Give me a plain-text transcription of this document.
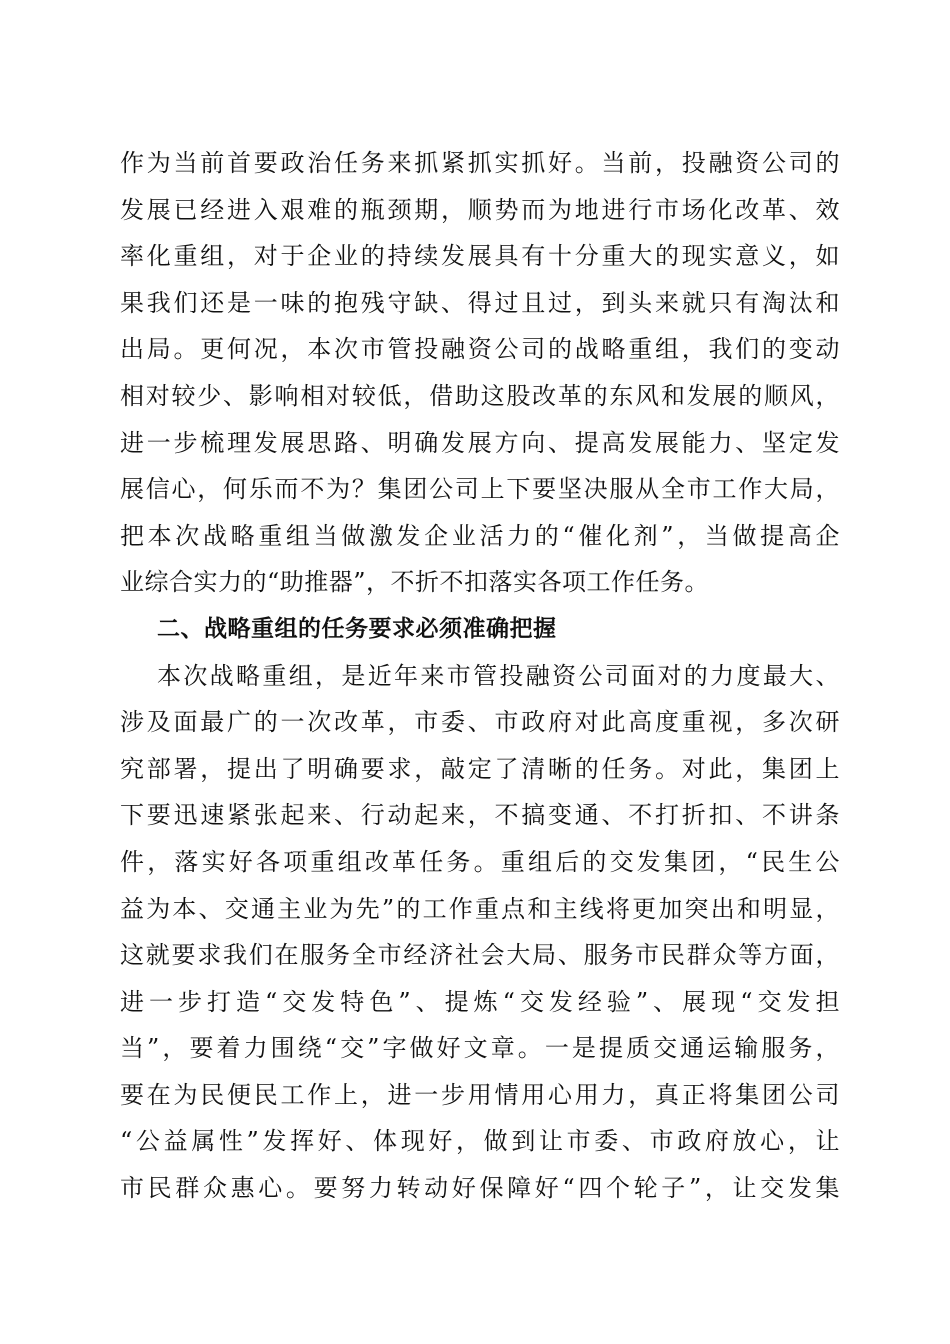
作为当前首要政治任务来抓紧抓实抓好。当前，投融资公司的
发展已经进入艰难的瓶颈期，顺势而为地进行市场化改革、效
率化重组，对于企业的持续发展具有十分重大的现实意义，如
果我们还是一味的抱残守缺、得过且过，到头来就只有淘汰和
出局。更何况，本次市管投融资公司的战略重组，我们的变动
相对较少、影响相对较低，借助这股改革的东风和发展的顺风，
进一步梳理发展思路、明确发展方向、提高发展能力、坚定发
展信心，何乐而不为？集团公司上下要坚决服从全市工作大局，
把本次战略重组当做激发企业活力的“催化剂”，当做提高企
业综合实力的“助推器”，不折不扣落实各项工作任务。
二、战略重组的任务要求必须准确把握
本次战略重组，是近年来市管投融资公司面对的力度最大、
涉及面最广的一次改革，市委、市政府对此高度重视，多次研
究部署，提出了明确要求，敲定了清晰的任务。对此，集团上
下要迅速紧张起来、行动起来，不搞变通、不打折扣、不讲条
件，落实好各项重组改革任务。重组后的交发集团，“民生公
益为本、交通主业为先”的工作重点和主线将更加突出和明显，
这就要求我们在服务全市经济社会大局、服务市民群众等方面，
进一步打造“交发特色”、提炼“交发经验”、展现“交发担
当”，要着力围绕“交”字做好文章。一是提质交通运输服务，
要在为民便民工作上，进一步用情用心用力，真正将集团公司
“公益属性”发挥好、体现好，做到让市委、市政府放心，让
市民群众惠心。要努力转动好保障好“四个轮子”，让交发集
